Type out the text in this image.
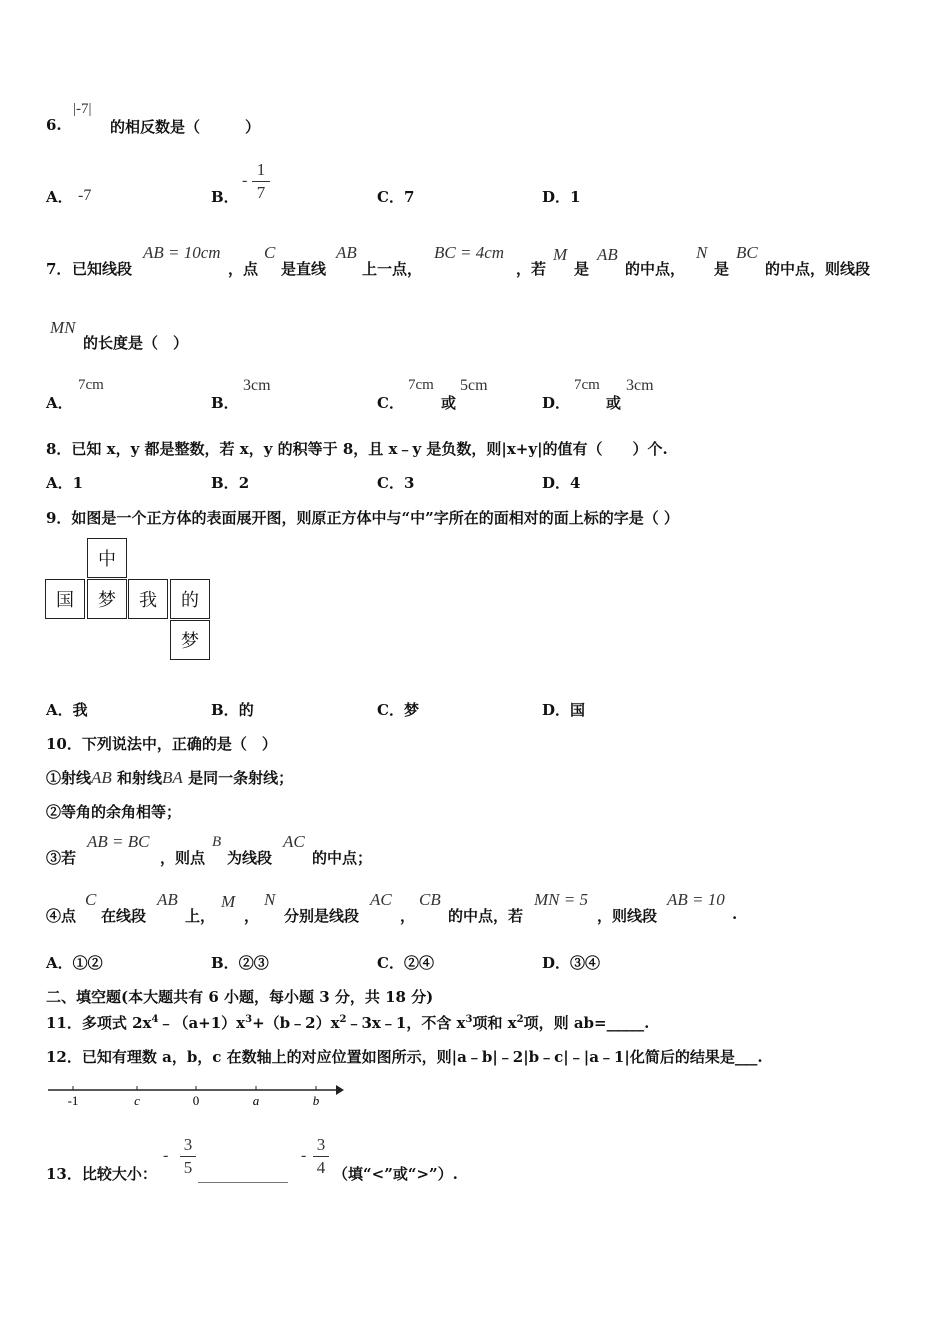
6.
|-7|
的相反数是（　　　）
A． -7	B．
-
1
7	C．7	D．1
7． 已知线段
AB = 10cm
，点
C
是直线
AB
上一点，
BC = 4cm
，若
M
是
AB
的中点，
N
是
BC
的中点，则线段
MN
的长度是（　）
A．
7cm
B．
3cm
C．
7cm
或
5cm
D．
7cm
或
3cm
8．已知 x，y 都是整数，若 x，y 的积等于 8，且 x﹣y 是负数，则|x+y|的值有（　　）个.
A．1	B．2	C．3	D．4
9．如图是一个正方体的表面展开图，则原正方体中与“中”字所在的面相对的面上标的字是（ ）
中
国	梦	我	的
梦
A．我	B．的	C．梦	D．国
10．下列说法中，正确的是（　）
①射线AB 和射线BA 是同一条射线；
②等角的余角相等；
③若
AB = BC
，则点
B
为线段
AC
的中点；
④点
C
在线段
AB
上，
M
，
N
分别是线段
AC
，
CB
的中点，若
MN = 5
，则线段
AB = 10
.
A．①②	B．②③	C．②④	D．③④
二、填空题(本大题共有 6 小题，每小题 3 分，共 18 分)
11．多项式 $2x^4﹣(a+1)x^3+(b﹣2)x^2﹣3x﹣1$，不含 $x^3$项和 $x^2$项，则 ab=_____.
12．已知有理数 a，b，c 在数轴上的对应位置如图所示，则|a﹣b|﹣2|b﹣c|﹣|a﹣1|化简后的结果是___.
-1	c	0	a	b
13．比较大小：
-
3
5 ____________
-
3
4 （填“<”或“>”）.
